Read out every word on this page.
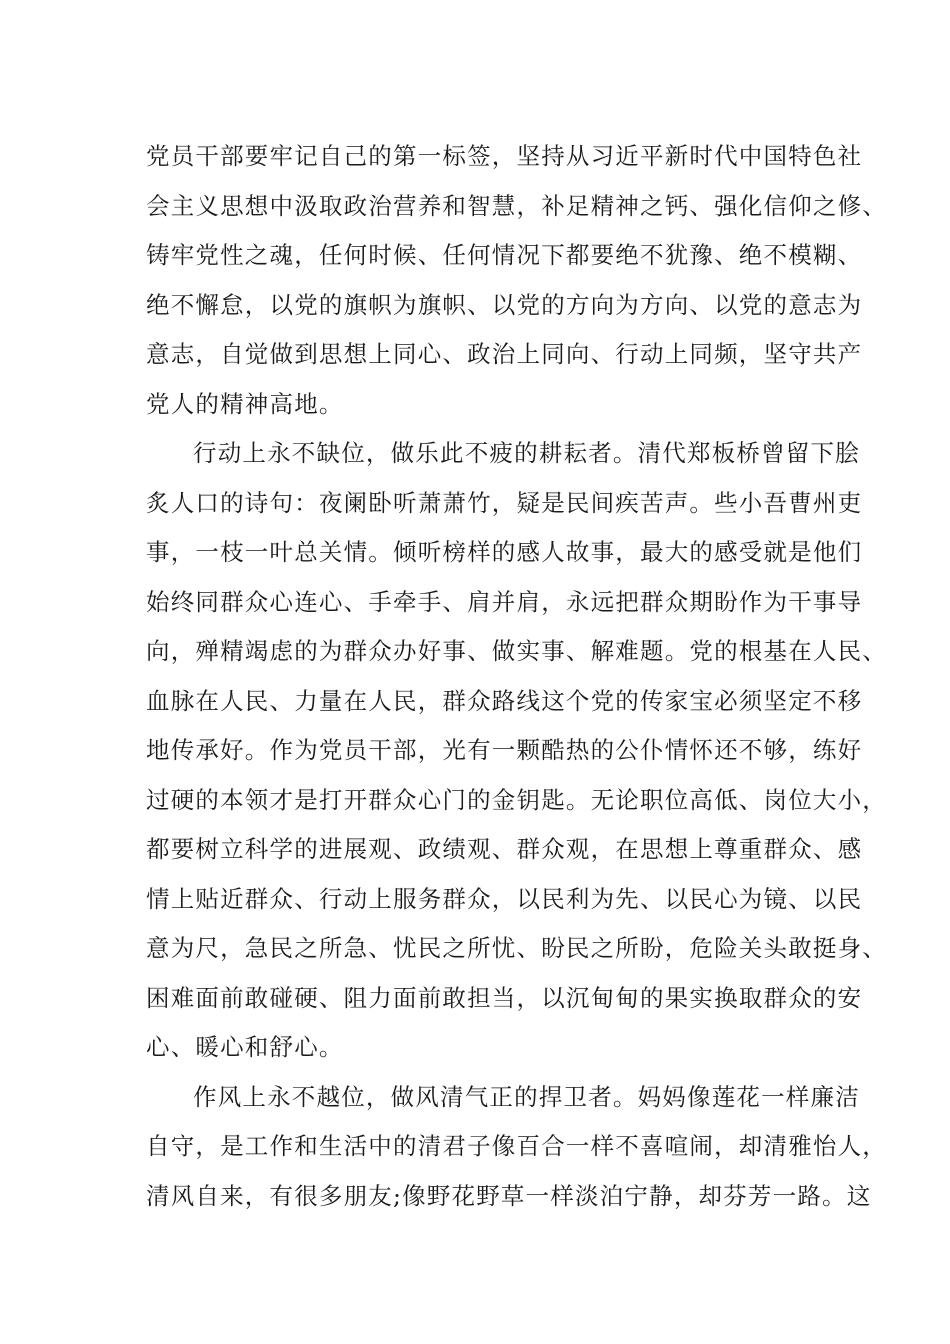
党员干部要牢记自己的第一标签，坚持从习近平新时代中国特色社
会主义思想中汲取政治营养和智慧，补足精神之钙、强化信仰之修、
铸牢党性之魂，任何时候、任何情况下都要绝不犹豫、绝不模糊、
绝不懈怠，以党的旗帜为旗帜、以党的方向为方向、以党的意志为
意志，自觉做到思想上同心、政治上同向、行动上同频，坚守共产
党人的精神高地。
行动上永不缺位，做乐此不疲的耕耘者。清代郑板桥曾留下脍
炙人口的诗句：夜阑卧听萧萧竹，疑是民间疾苦声。些小吾曹州吏
事，一枝一叶总关情。倾听榜样的感人故事，最大的感受就是他们
始终同群众心连心、手牵手、肩并肩，永远把群众期盼作为干事导
向，殚精竭虑的为群众办好事、做实事、解难题。党的根基在人民、
血脉在人民、力量在人民，群众路线这个党的传家宝必须坚定不移
地传承好。作为党员干部，光有一颗酷热的公仆情怀还不够，练好
过硬的本领才是打开群众心门的金钥匙。无论职位高低、岗位大小，
都要树立科学的进展观、政绩观、群众观，在思想上尊重群众、感
情上贴近群众、行动上服务群众，以民利为先、以民心为镜、以民
意为尺，急民之所急、忧民之所忧、盼民之所盼，危险关头敢挺身、
困难面前敢碰硬、阻力面前敢担当，以沉甸甸的果实换取群众的安
心、暖心和舒心。
作风上永不越位，做风清气正的捍卫者。妈妈像莲花一样廉洁
自守，是工作和生活中的清君子像百合一样不喜喧闹，却清雅怡人，
清风自来，有很多朋友;像野花野草一样淡泊宁静，却芬芳一路。这
